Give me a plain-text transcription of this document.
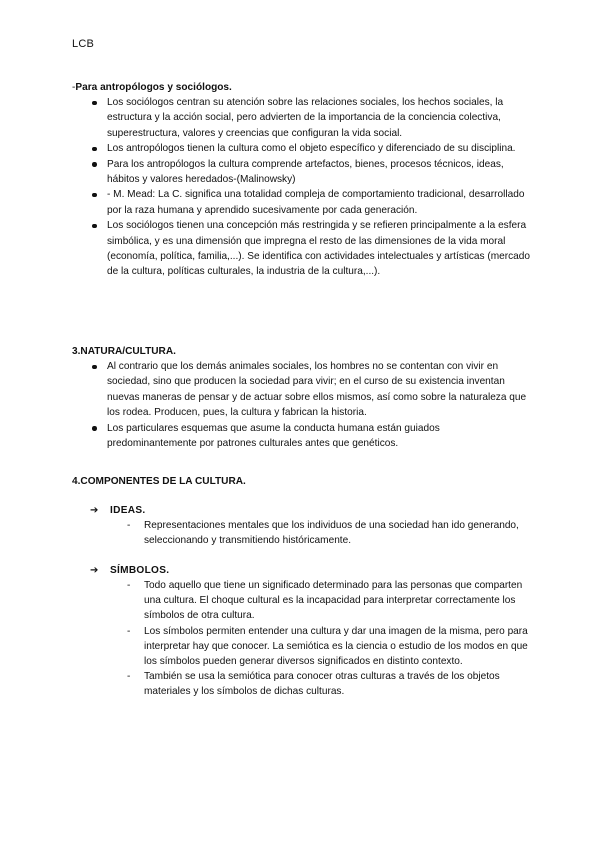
LCB
-Para antropólogos y sociólogos.
Los sociólogos centran su atención sobre las relaciones sociales, los hechos sociales, la estructura y la acción social, pero advierten de la importancia de la conciencia colectiva, superestructura, valores y creencias que configuran la vida social.
Los antropólogos tienen la cultura como el objeto específico y diferenciado de su disciplina.
Para los antropólogos la cultura comprende artefactos, bienes, procesos técnicos, ideas, hábitos y valores heredados-(Malinowsky)
- M. Mead: La C. significa una totalidad compleja de comportamiento tradicional, desarrollado por la raza humana y aprendido sucesivamente por cada generación.
Los sociólogos tienen una concepción más restringida y se refieren principalmente a la esfera simbólica, y es una dimensión que impregna el resto de las dimensiones de la vida moral (economía, política, familia,...). Se identifica con actividades intelectuales y artísticas (mercado de la cultura, políticas culturales, la industria de la cultura,...).
3.NATURA/CULTURA.
Al contrario que los demás animales sociales, los hombres no se contentan con vivir en sociedad, sino que producen la sociedad para vivir; en el curso de su existencia inventan nuevas maneras de pensar y de actuar sobre ellos mismos, así como sobre la naturaleza que los rodea. Producen, pues, la cultura y fabrican la historia.
Los particulares esquemas que asume la conducta humana están guiados predominantemente por patrones culturales antes que genéticos.
4.COMPONENTES DE LA CULTURA.
➔ IDEAS.
- Representaciones mentales que los individuos de una sociedad han ido generando, seleccionando y transmitiendo históricamente.
➔ SÍMBOLOS.
- Todo aquello que tiene un significado determinado para las personas que comparten una cultura. El choque cultural es la incapacidad para interpretar correctamente los símbolos de otra cultura.
- Los símbolos permiten entender una cultura y dar una imagen de la misma, pero para interpretar hay que conocer. La semiótica es la ciencia o estudio de los modos en que los símbolos pueden generar diversos significados en distinto contexto.
- También se usa la semiótica para conocer otras culturas a través de los objetos materiales y los símbolos de dichas culturas.
